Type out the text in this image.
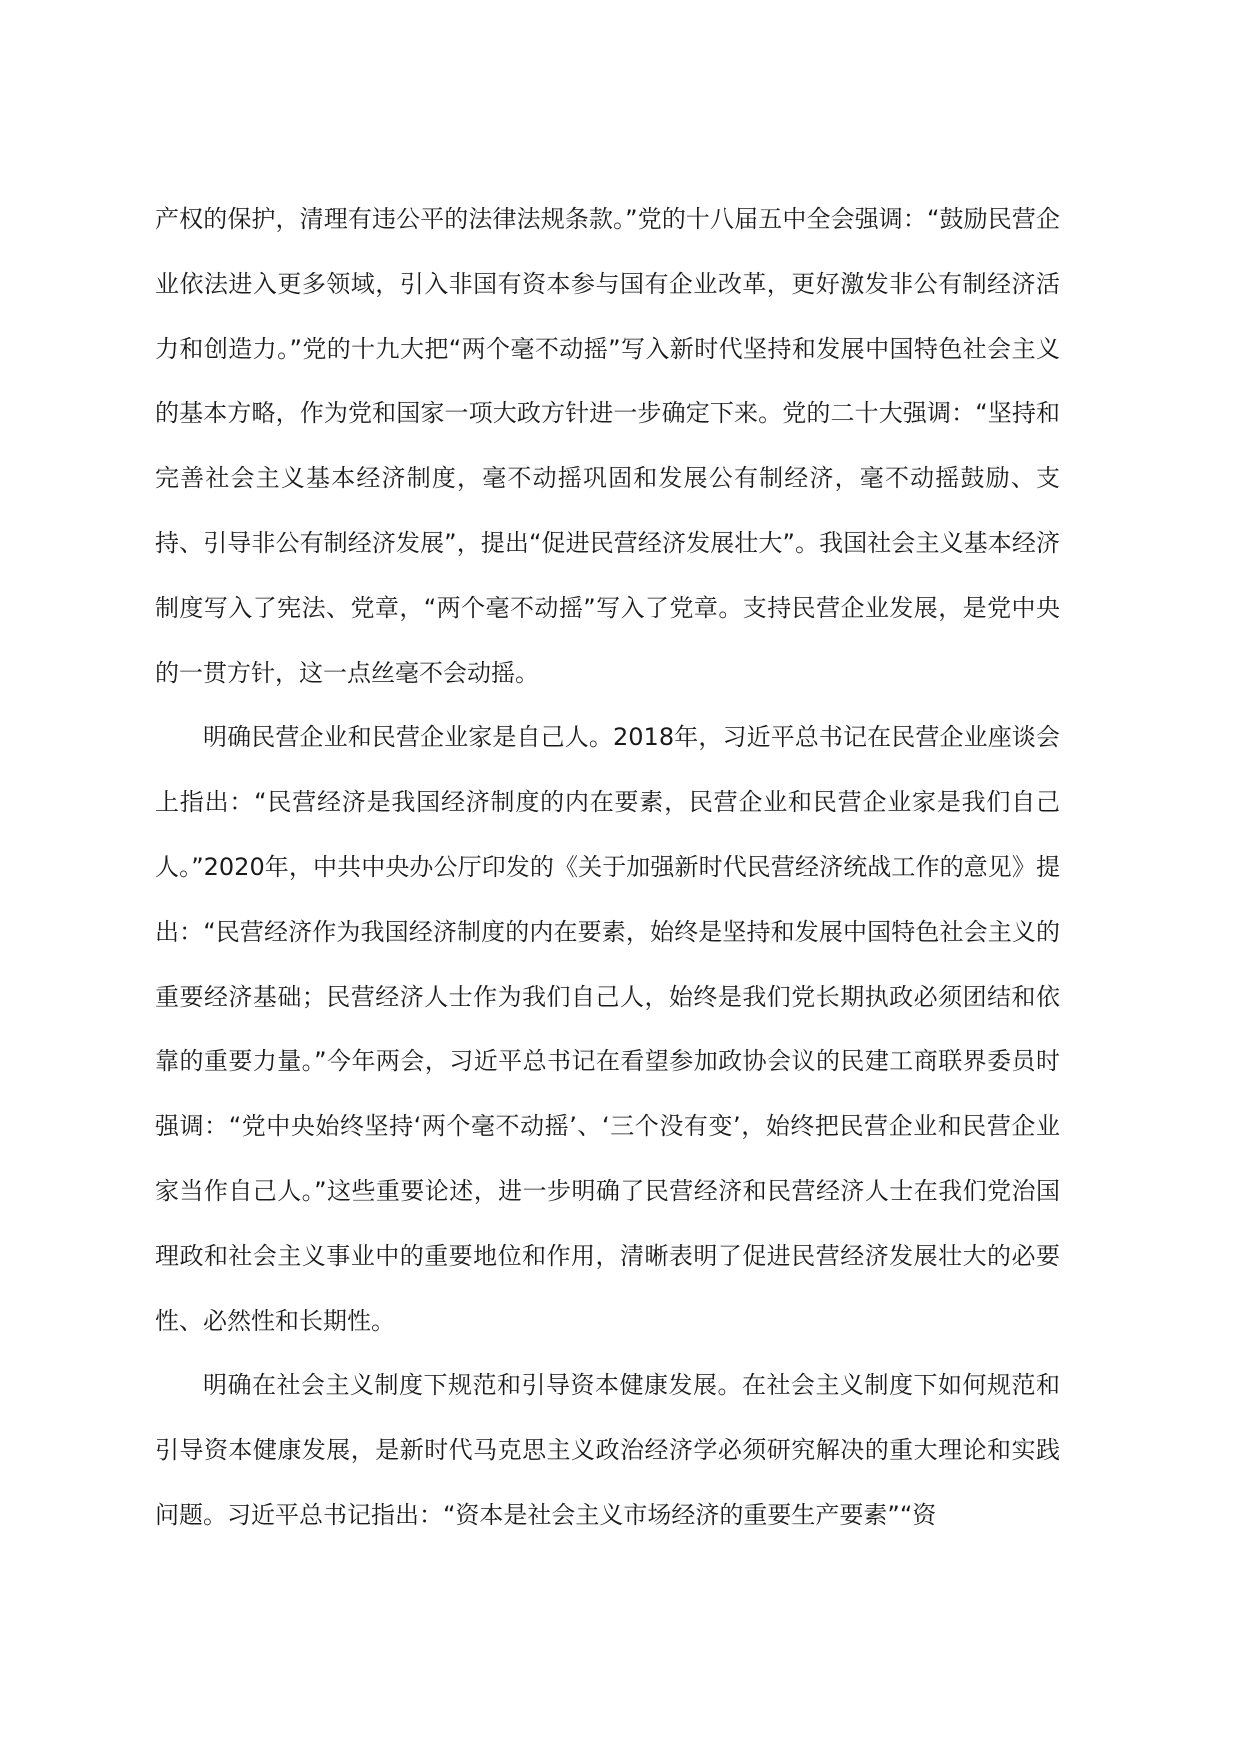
产权的保护，清理有违公平的法律法规条款。”党的十八届五中全会强调：“鼓励民营企业依法进入更多领域，引入非国有资本参与国有企业改革，更好激发非公有制经济活力和创造力。”党的十九大把“两个毫不动摇”写入新时代坚持和发展中国特色社会主义的基本方略，作为党和国家一项大政方针进一步确定下来。党的二十大强调：“坚持和完善社会主义基本经济制度，毫不动摇巩固和发展公有制经济，毫不动摇鼓励、支持、引导非公有制经济发展”，提出“促进民营经济发展壮大”。我国社会主义基本经济制度写入了宪法、党章，“两个毫不动摇”写入了党章。支持民营企业发展，是党中央的一贯方针，这一点丝毫不会动摇。

明确民营企业和民营企业家是自己人。2018年，习近平总书记在民营企业座谈会上指出：“民营经济是我国经济制度的内在要素，民营企业和民营企业家是我们自己人。”2020年，中共中央办公厅印发的《关于加强新时代民营经济统战工作的意见》提出：“民营经济作为我国经济制度的内在要素，始终是坚持和发展中国特色社会主义的重要经济基础；民营经济人士作为我们自己人，始终是我们党长期执政必须团结和依靠的重要力量。”今年两会，习近平总书记在看望参加政协会议的民建工商联界委员时强调：“党中央始终坚持‘两个毫不动摇’、‘三个没有变’，始终把民营企业和民营企业家当作自己人。”这些重要论述，进一步明确了民营经济和民营经济人士在我们党治国理政和社会主义事业中的重要地位和作用，清晰表明了促进民营经济发展壮大的必要性、必然性和长期性。

明确在社会主义制度下规范和引导资本健康发展。在社会主义制度下如何规范和引导资本健康发展，是新时代马克思主义政治经济学必须研究解决的重大理论和实践问题。习近平总书记指出：“资本是社会主义市场经济的重要生产要素”“资
